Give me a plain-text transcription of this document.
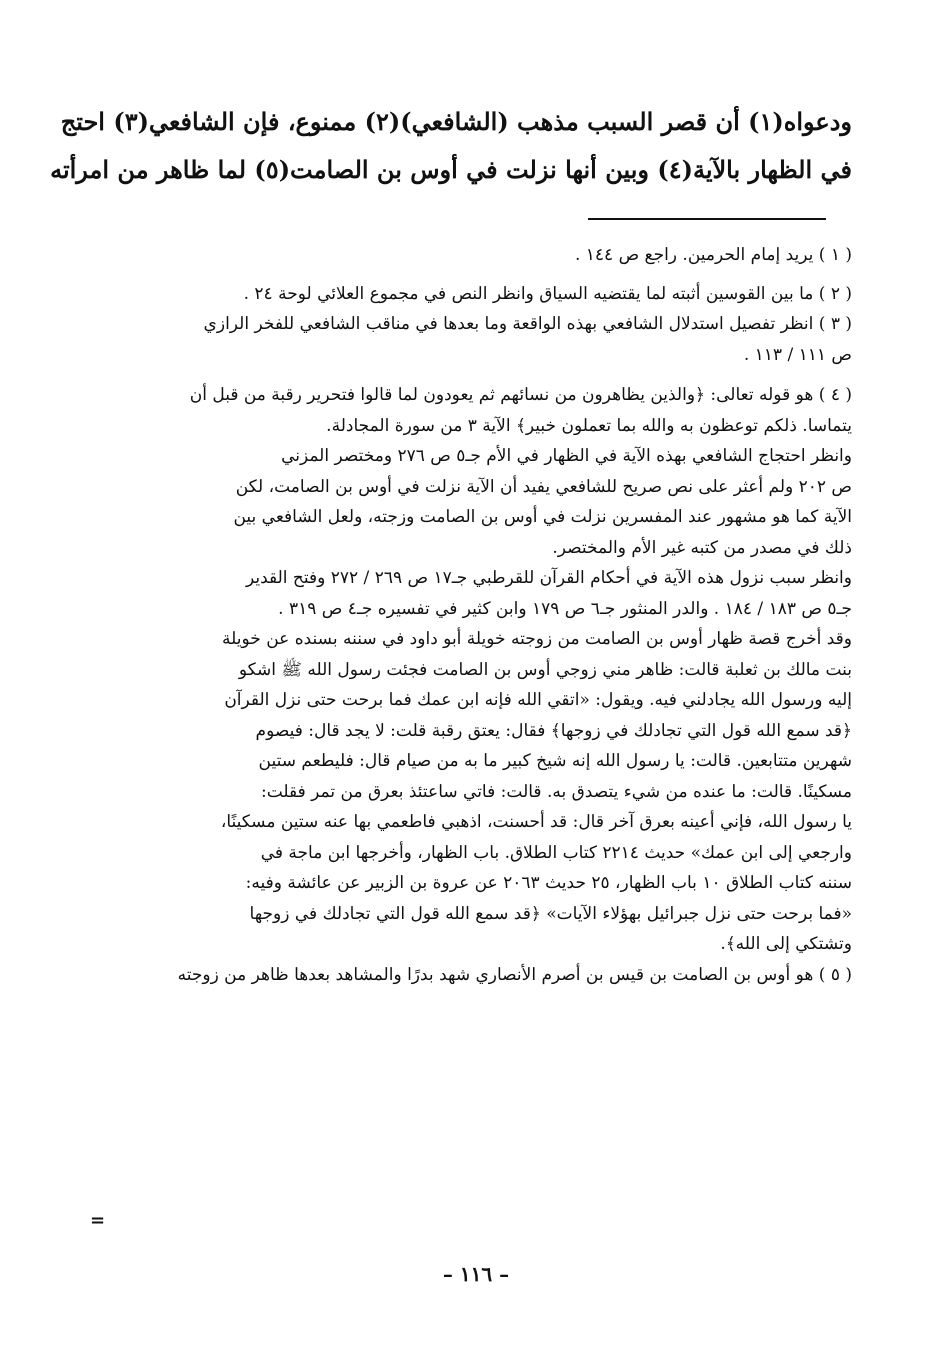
ودعواه(١) أن قصر السبب مذهب (الشافعي)(٢) ممنوع، فإن الشافعي(٣) احتج
في الظهار بالآية(٤) وبين أنها نزلت في أوس بن الصامت(٥) لما ظاهر من امرأته
( ١ ) يريد إمام الحرمين. راجع ص ١٤٤ .
( ٢ ) ما بين القوسين أثبته لما يقتضيه السياق وانظر النص في مجموع العلائي لوحة ٢٤ .
( ٣ ) انظر تفصيل استدلال الشافعي بهذه الواقعة وما بعدها في مناقب الشافعي للفخر الرازي
ص ١١١ / ١١٣ .
( ٤ ) هو قوله تعالى: ﴿والذين يظاهرون من نسائهم ثم يعودون لما قالوا فتحرير رقبة من قبل أن
يتماسا. ذلكم توعظون به والله بما تعملون خبير﴾ الآية ٣ من سورة المجادلة.
وانظر احتجاج الشافعي بهذه الآية في الظهار في الأم جـ٥ ص ٢٧٦ ومختصر المزني
ص ٢٠٢ ولم أعثر على نص صريح للشافعي يفيد أن الآية نزلت في أوس بن الصامت، لكن
الآية كما هو مشهور عند المفسرين نزلت في أوس بن الصامت وزجته، ولعل الشافعي بين
ذلك في مصدر من كتبه غير الأم والمختصر.
وانظر سبب نزول هذه الآية في أحكام القرآن للقرطبي جـ١٧ ص ٢٦٩ / ٢٧٢ وفتح القدير
جـ٥ ص ١٨٣ / ١٨٤ . والدر المنثور جـ٦ ص ١٧٩ وابن كثير في تفسيره جـ٤ ص ٣١٩ .
وقد أخرج قصة ظهار أوس بن الصامت من زوجته خويلة أبو داود في سننه بسنده عن خويلة
بنت مالك بن ثعلبة قالت: ظاهر مني زوجي أوس بن الصامت فجئت رسول الله ﷺ اشكو
إليه ورسول الله يجادلني فيه. ويقول: «اتقي الله فإنه ابن عمك فما برحت حتى نزل القرآن
﴿قد سمع الله قول التي تجادلك في زوجها﴾ فقال: يعتق رقبة قلت: لا يجد قال: فيصوم
شهرين متتابعين. قالت: يا رسول الله إنه شيخ كبير ما به من صيام قال: فليطعم ستين
مسكينًا. قالت: ما عنده من شيء يتصدق به. قالت: فاتي ساعتئذ بعرق من تمر فقلت:
يا رسول الله، فإني أعينه بعرق آخر قال: قد أحسنت، اذهبي فاطعمي بها عنه ستين مسكينًا،
وارجعي إلى ابن عمك» حديث ٢٢١٤ كتاب الطلاق. باب الظهار، وأخرجها ابن ماجة في
سننه كتاب الطلاق ١٠ باب الظهار، ٢٥ حديث ٢٠٦٣ عن عروة بن الزبير عن عائشة وفيه:
«فما برحت حتى نزل جبرائيل بهؤلاء الآيات» ﴿قد سمع الله قول التي تجادلك في زوجها
وتشتكي إلى الله﴾.
( ٥ ) هو أوس بن الصامت بن قيس بن أصرم الأنصاري شهد بدرًا والمشاهد بعدها ظاهر من زوجته
=
– ١١٦ –
